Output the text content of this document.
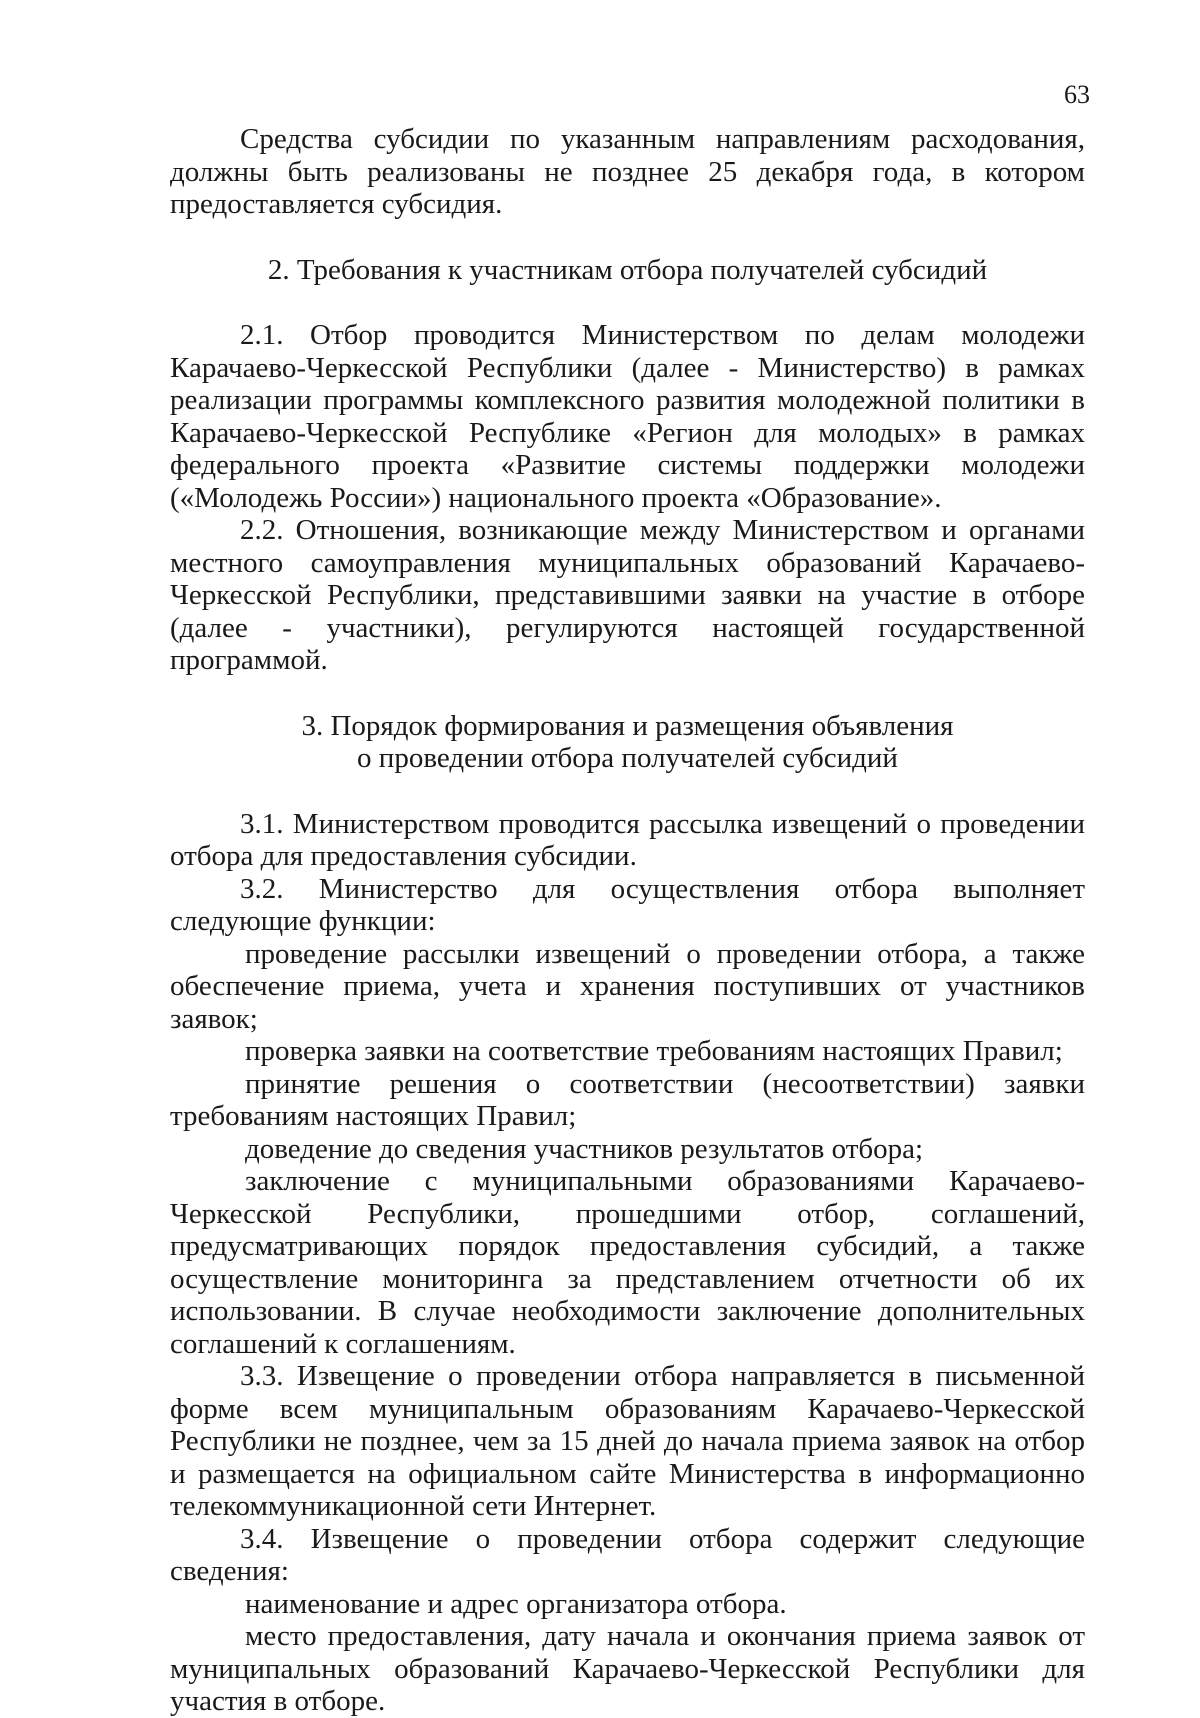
63

Средства субсидии по указанным направлениям расходования, должны быть реализованы не позднее 25 декабря года, в котором предоставляется субсидия.

2. Требования к участникам отбора получателей субсидий

2.1. Отбор проводится Министерством по делам молодежи Карачаево-Черкесской Республики (далее - Министерство) в рамках реализации программы комплексного развития молодежной политики в Карачаево-Черкесской Республике «Регион для молодых» в рамках федерального проекта «Развитие системы поддержки молодежи («Молодежь России») национального проекта «Образование».

2.2. Отношения, возникающие между Министерством и органами местного самоуправления муниципальных образований Карачаево-Черкесской Республики, представившими заявки на участие в отборе (далее - участники), регулируются настоящей государственной программой.

3. Порядок формирования и размещения объявления
о проведении отбора получателей субсидий

3.1. Министерством проводится рассылка извещений о проведении отбора для предоставления субсидии.

3.2. Министерство для осуществления отбора выполняет следующие функции:

проведение рассылки извещений о проведении отбора, а также обеспечение приема, учета и хранения поступивших от участников заявок;

проверка заявки на соответствие требованиям настоящих Правил;

принятие решения о соответствии (несоответствии) заявки требованиям настоящих Правил;

доведение до сведения участников результатов отбора;

заключение с муниципальными образованиями Карачаево-Черкесской Республики, прошедшими отбор, соглашений, предусматривающих порядок предоставления субсидий, а также осуществление мониторинга за представлением отчетности об их использовании. В случае необходимости заключение дополнительных соглашений к соглашениям.

3.3. Извещение о проведении отбора направляется в письменной форме всем муниципальным образованиям Карачаево-Черкесской Республики не позднее, чем за 15 дней до начала приема заявок на отбор и размещается на официальном сайте Министерства в информационно телекоммуникационной сети Интернет.

3.4. Извещение о проведении отбора содержит следующие сведения:

наименование и адрес организатора отбора.

место предоставления, дату начала и окончания приема заявок от муниципальных образований Карачаево-Черкесской Республики для участия в отборе.
